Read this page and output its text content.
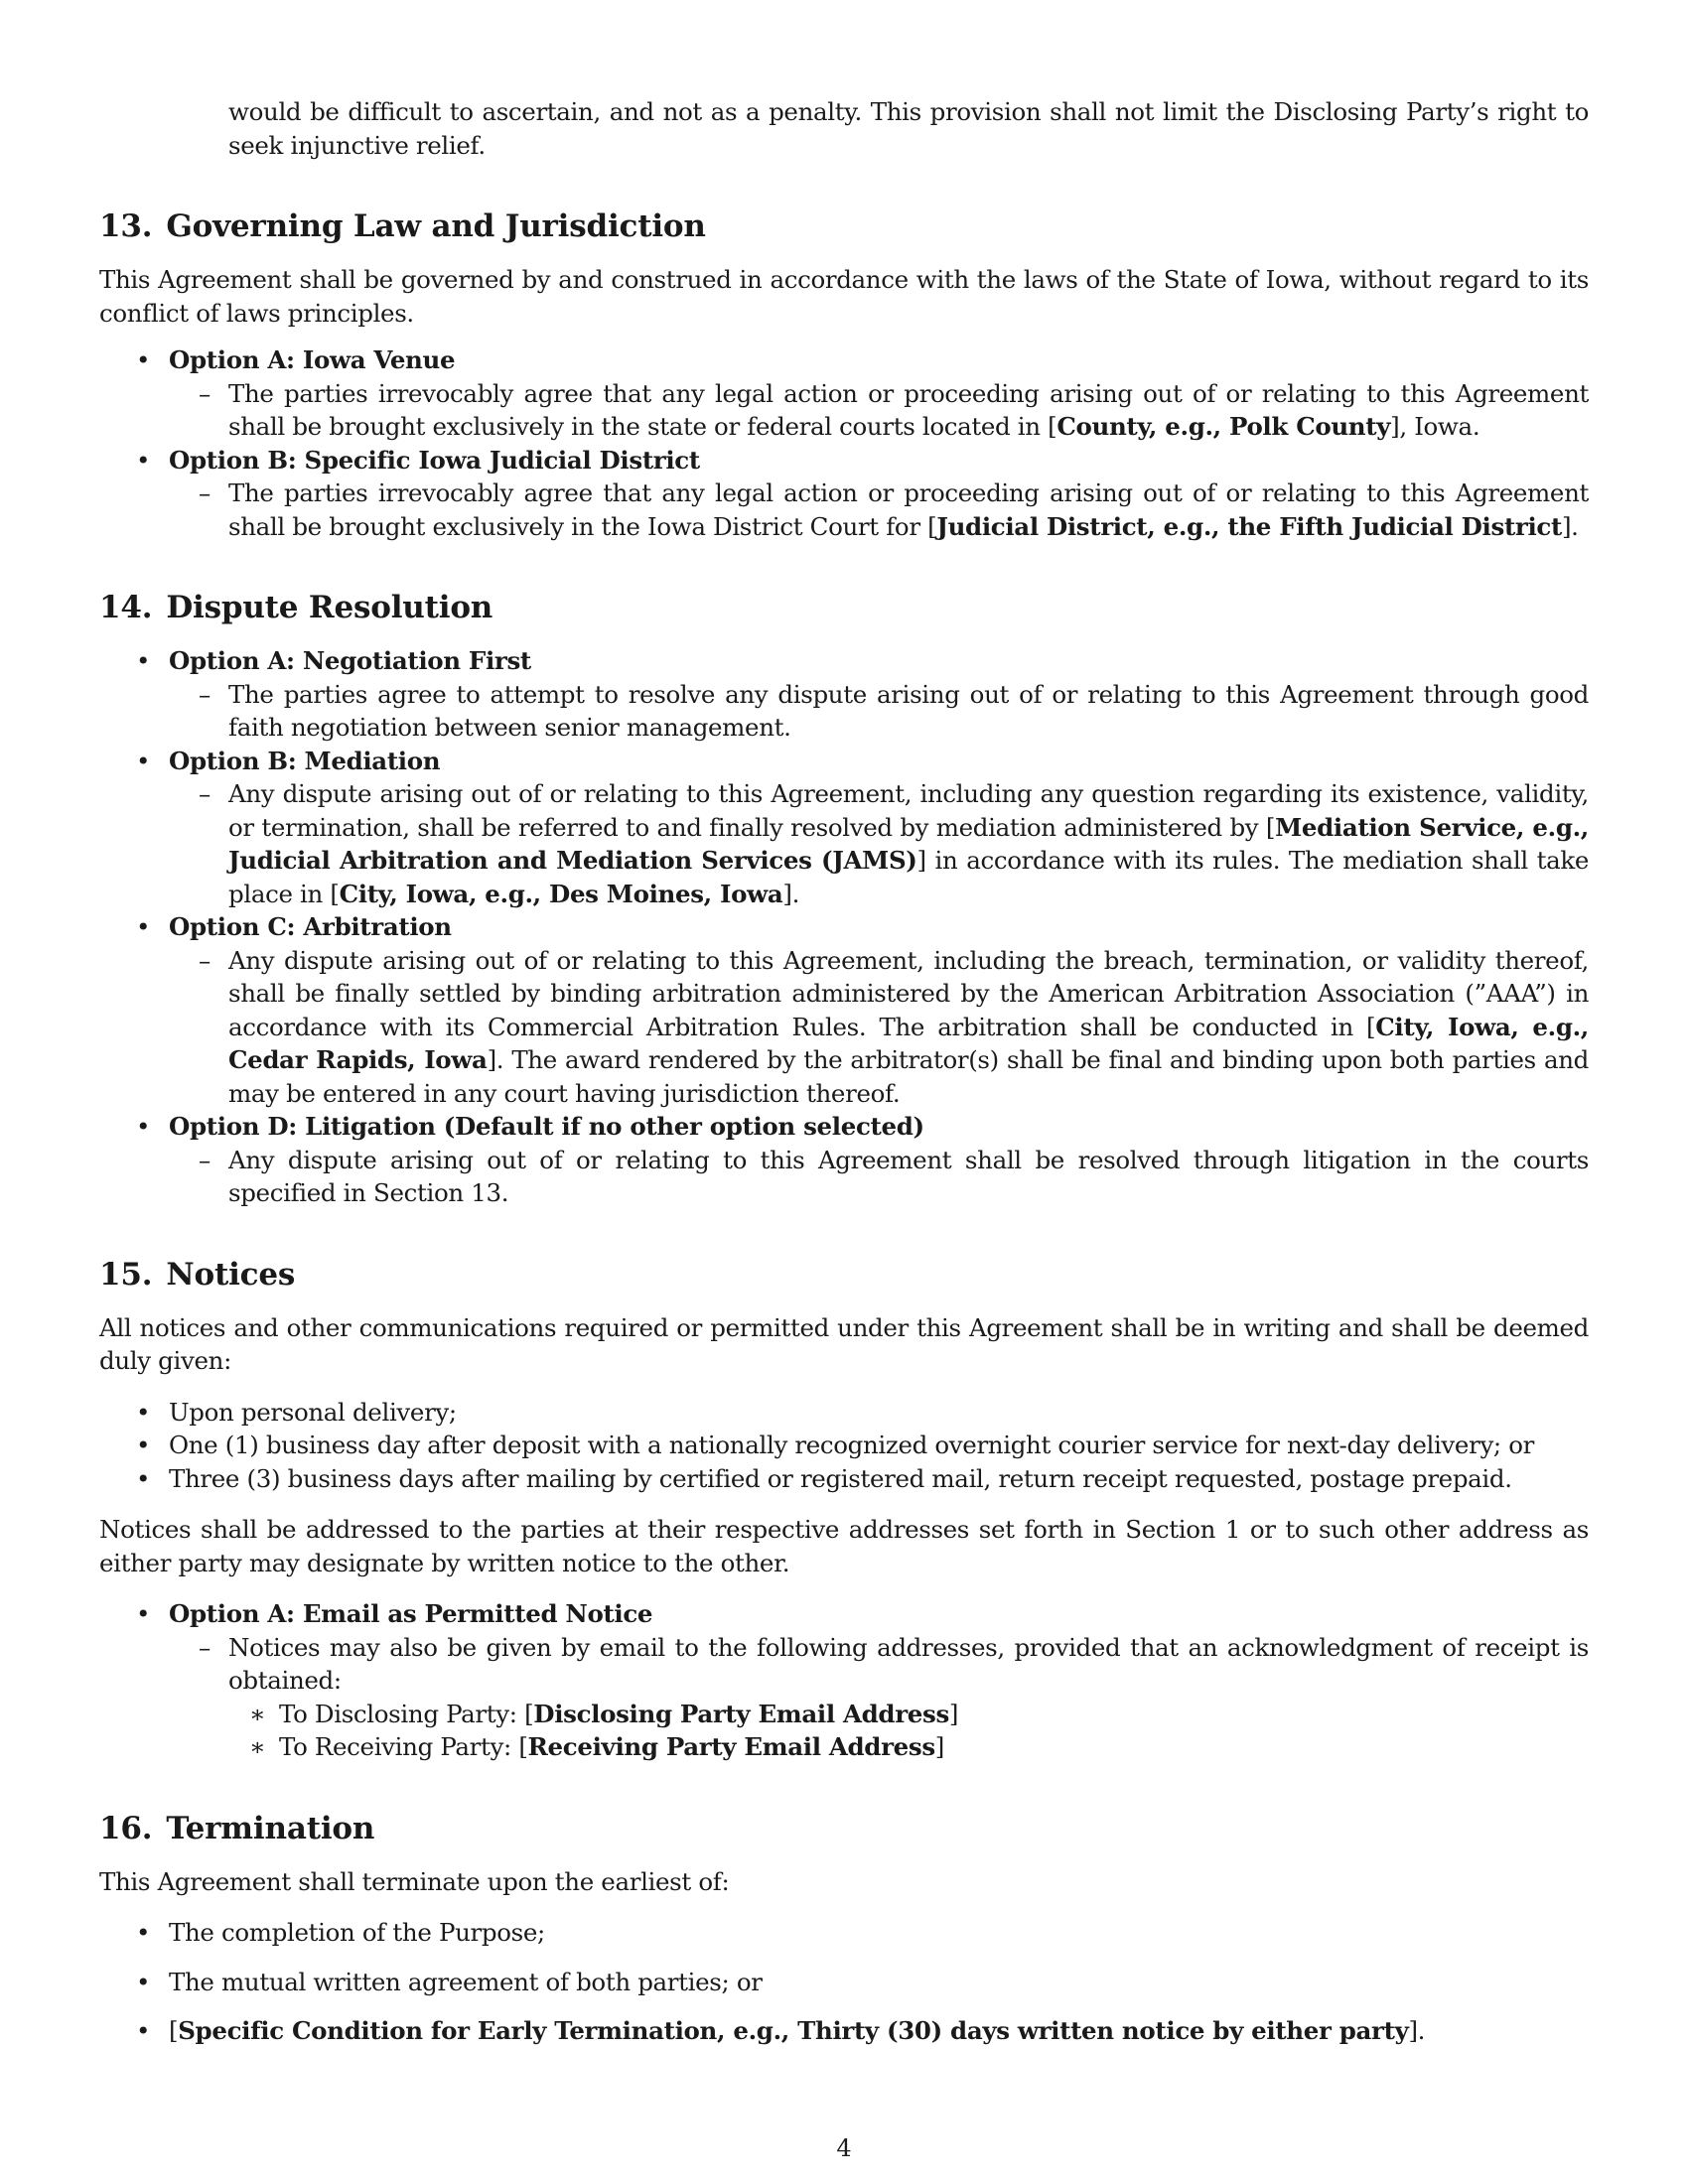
would be difficult to ascertain, and not as a penalty. This provision shall not limit the Disclosing Party’s right to seek injunctive relief.

13. Governing Law and Jurisdiction

This Agreement shall be governed by and construed in accordance with the laws of the State of Iowa, without regard to its conflict of laws principles.

• Option A: Iowa Venue
– The parties irrevocably agree that any legal action or proceeding arising out of or relating to this Agreement shall be brought exclusively in the state or federal courts located in [County, e.g., Polk County], Iowa.
• Option B: Specific Iowa Judicial District
– The parties irrevocably agree that any legal action or proceeding arising out of or relating to this Agreement shall be brought exclusively in the Iowa District Court for [Judicial District, e.g., the Fifth Judicial District].
14. Dispute Resolution
• Option A: Negotiation First
– The parties agree to attempt to resolve any dispute arising out of or relating to this Agreement through good faith negotiation between senior management.
• Option B: Mediation
– Any dispute arising out of or relating to this Agreement, including any question regarding its existence, validity, or termination, shall be referred to and finally resolved by mediation administered by [Mediation Service, e.g., Judicial Arbitration and Mediation Services (JAMS)] in accordance with its rules. The mediation shall take place in [City, Iowa, e.g., Des Moines, Iowa].
• Option C: Arbitration
– Any dispute arising out of or relating to this Agreement, including the breach, termination, or validity thereof, shall be finally settled by binding arbitration administered by the American Arbitration Association (”AAA”) in accordance with its Commercial Arbitration Rules. The arbitration shall be conducted in [City, Iowa, e.g., Cedar Rapids, Iowa]. The award rendered by the arbitrator(s) shall be final and binding upon both parties and may be entered in any court having jurisdiction thereof.
• Option D: Litigation (Default if no other option selected)
– Any dispute arising out of or relating to this Agreement shall be resolved through litigation in the courts specified in Section 13.
15. Notices

All notices and other communications required or permitted under this Agreement shall be in writing and shall be deemed duly given:

• Upon personal delivery;
• One (1) business day after deposit with a nationally recognized overnight courier service for next-day delivery; or
• Three (3) business days after mailing by certified or registered mail, return receipt requested, postage prepaid.

Notices shall be addressed to the parties at their respective addresses set forth in Section 1 or to such other address as either party may designate by written notice to the other.

• Option A: Email as Permitted Notice
– Notices may also be given by email to the following addresses, provided that an acknowledgment of receipt is obtained:
∗ To Disclosing Party: [Disclosing Party Email Address]
∗ To Receiving Party: [Receiving Party Email Address]
16. Termination

This Agreement shall terminate upon the earliest of:

• The completion of the Purpose;
• The mutual written agreement of both parties; or
• [Specific Condition for Early Termination, e.g., Thirty (30) days written notice by either party].
4
